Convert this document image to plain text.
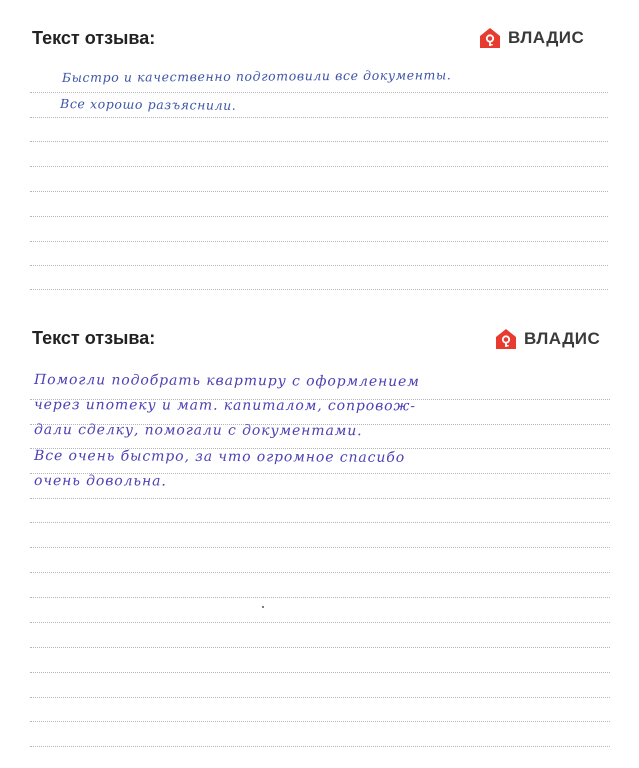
Текст отзыва:	ВЛАДИС

Быстро и качественно подготовили все документы.

Все хорошо разъяснили.

Текст отзыва:	ВЛАДИС

Помогли подобрать квартиру с оформлением

через ипотеку и мат. капиталом, сопровож-

дали сделку, помогали с документами.

Все очень быстро, за что огромное спасибо

очень довольна.
